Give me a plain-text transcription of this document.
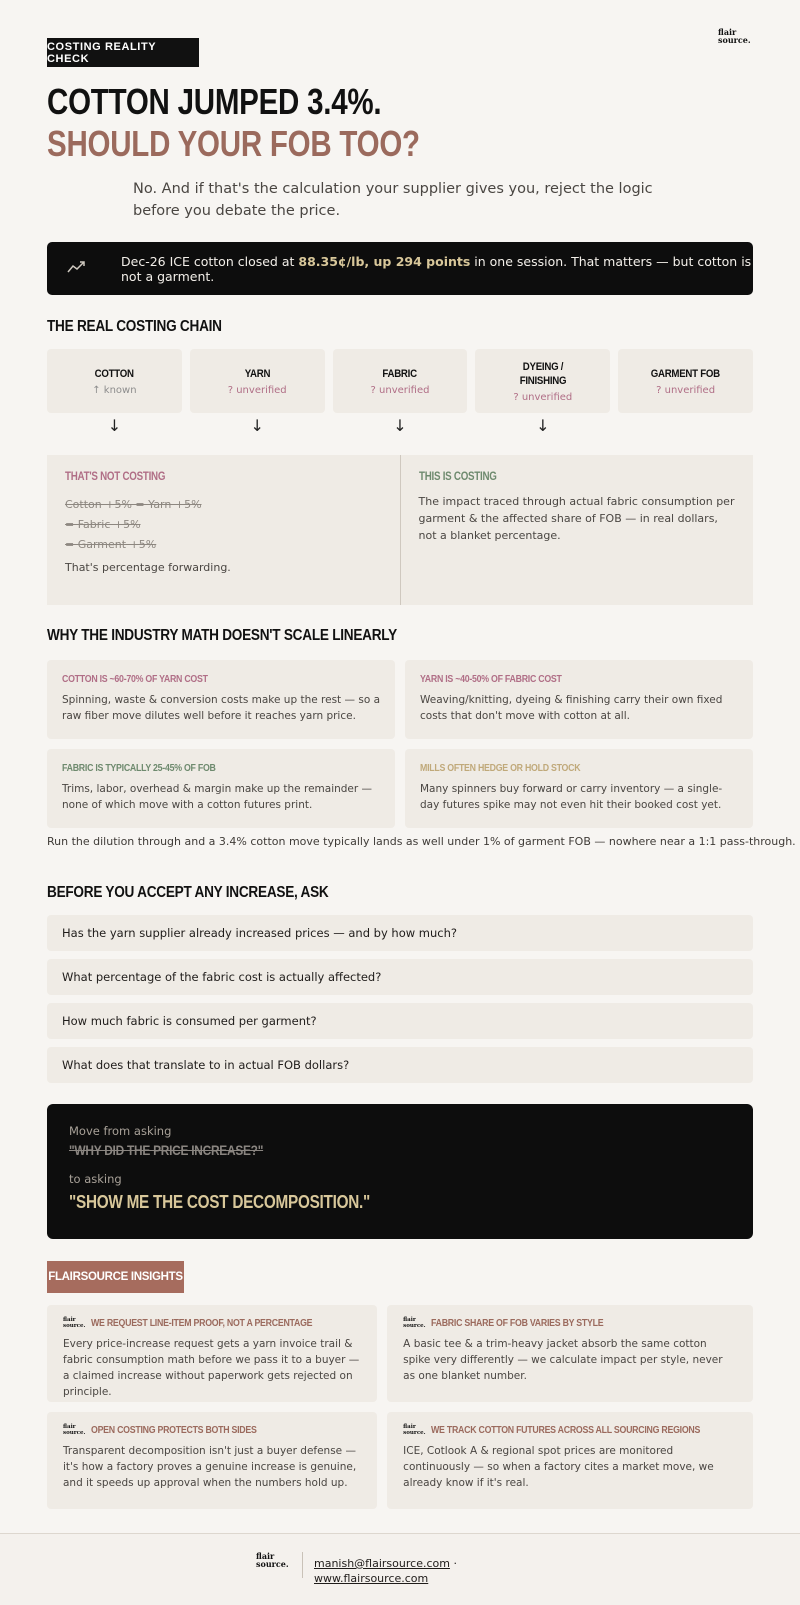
flair
source.
COSTING REALITY CHECK
COTTON JUMPED 3.4%.
SHOULD YOUR FOB TOO?
No. And if that's the calculation your supplier gives you, reject the logic before you debate the price.
Dec-26 ICE cotton closed at 88.35¢/lb, up 294 points in one session. That matters — but cotton is not a garment.
THE REAL COSTING CHAIN
COTTON
↑ known
YARN
? unverified
FABRIC
? unverified
DYEING / FINISHING
? unverified
GARMENT FOB
? unverified
↓	↓	↓	↓
THAT'S NOT COSTING
Cotton +5% = Yarn +5%
= Fabric +5%
= Garment +5%
That's percentage forwarding.
THIS IS COSTING
The impact traced through actual fabric consumption per garment & the affected share of FOB — in real dollars, not a blanket percentage.
WHY THE INDUSTRY MATH DOESN'T SCALE LINEARLY
COTTON IS ~60-70% OF YARN COST
Spinning, waste & conversion costs make up the rest — so a raw fiber move dilutes well before it reaches yarn price.
YARN IS ~40-50% OF FABRIC COST
Weaving/knitting, dyeing & finishing carry their own fixed costs that don't move with cotton at all.
FABRIC IS TYPICALLY 25-45% OF FOB
Trims, labor, overhead & margin make up the remainder — none of which move with a cotton futures print.
MILLS OFTEN HEDGE OR HOLD STOCK
Many spinners buy forward or carry inventory — a single-day futures spike may not even hit their booked cost yet.
Run the dilution through and a 3.4% cotton move typically lands as well under 1% of garment FOB — nowhere near a 1:1 pass-through.
BEFORE YOU ACCEPT ANY INCREASE, ASK
Has the yarn supplier already increased prices — and by how much?
What percentage of the fabric cost is actually affected?
How much fabric is consumed per garment?
What does that translate to in actual FOB dollars?
Move from asking
"WHY DID THE PRICE INCREASE?"
to asking
"SHOW ME THE COST DECOMPOSITION."
FLAIRSOURCE INSIGHTS
flair
source. WE REQUEST LINE-ITEM PROOF, NOT A PERCENTAGE
Every price-increase request gets a yarn invoice trail & fabric consumption math before we pass it to a buyer — a claimed increase without paperwork gets rejected on principle.
flair
source. FABRIC SHARE OF FOB VARIES BY STYLE
A basic tee & a trim-heavy jacket absorb the same cotton spike very differently — we calculate impact per style, never as one blanket number.
flair
source. OPEN COSTING PROTECTS BOTH SIDES
Transparent decomposition isn't just a buyer defense — it's how a factory proves a genuine increase is genuine, and it speeds up approval when the numbers hold up.
flair
source. WE TRACK COTTON FUTURES ACROSS ALL SOURCING REGIONS
ICE, Cotlook A & regional spot prices are monitored continuously — so when a factory cites a market move, we already know if it's real.
flair
source. manish@flairsource.com ·
www.flairsource.com
